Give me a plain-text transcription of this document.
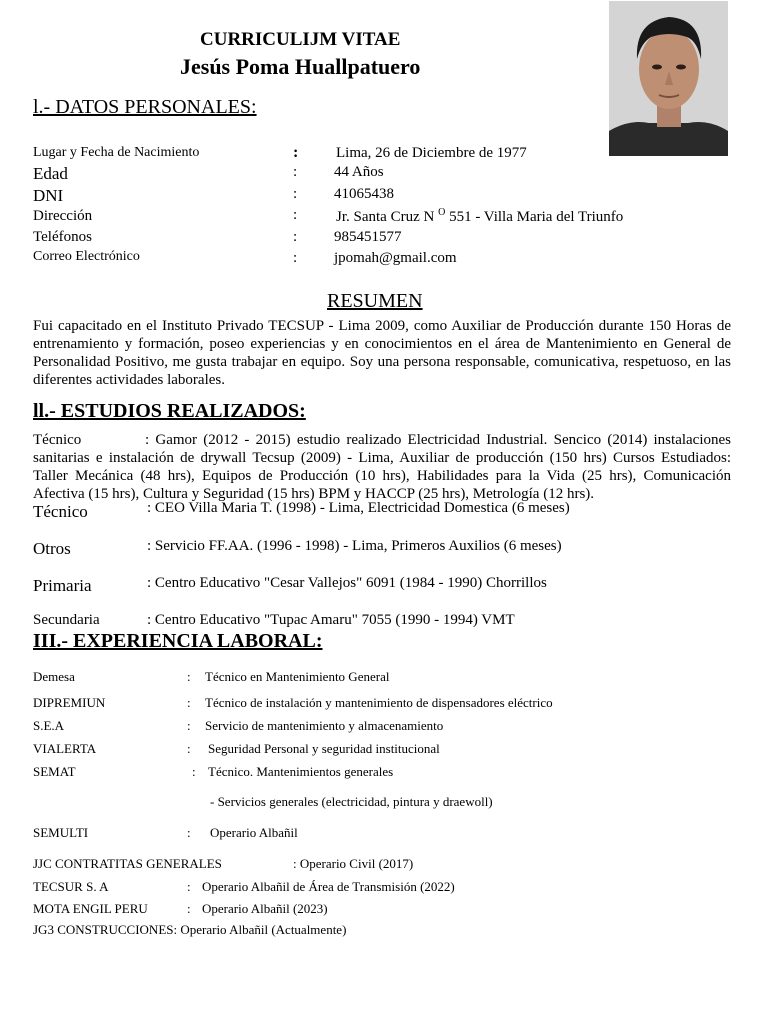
CURRICULIJM VITAE
Jesús Poma Huallpatuero
l.- DATOS PERSONALES:
Lugar y Fecha de Nacimiento	:	Lima, 26 de Diciembre de 1977
Edad	: 44 Años
DNI	: 41065438
Dirección	:	Jr. Santa Cruz N $^O$ 551 - Villa Maria del Triunfo
Teléfonos	: 985451577
Correo Electrónico	: jpomah@gmail.com
RESUMEN
Fui capacitado en el Instituto Privado TECSUP - Lima 2009, como Auxiliar de Producción durante 150 Horas de entrenamiento y formación, poseo experiencias y en conocimientos en el área de Mantenimiento en General de Personalidad Positivo, me gusta trabajar en equipo. Soy una persona responsable, comunicativa, respetuoso, en las diferentes actividades laborales.
ll.- ESTUDIOS REALIZADOS:
Técnico	: Gamor (2012 - 2015) estudio realizado Electricidad Industrial. Sencico (2014) instalaciones sanitarias e instalación de drywall Tecsup (2009) - Lima, Auxiliar de producción (150 hrs) Cursos Estudiados: Taller Mecánica (48 hrs), Equipos de Producción (10 hrs), Habilidades para la Vida (25 hrs), Comunicación Afectiva (15 hrs), Cultura y Seguridad (15 hrs) BPM y HACCP (25 hrs), Metrología (12 hrs).
Técnico	: CEO Villa Maria T. (1998) - Lima, Electricidad Domestica (6 meses)
Otros	: Servicio FF.AA. (1996 - 1998) - Lima, Primeros Auxilios (6 meses)
Primaria	: Centro Educativo "Cesar Vallejos" 6091 (1984 - 1990) Chorrillos
Secundaria	: Centro Educativo "Tupac Amaru" 7055 (1990 - 1994) VMT
III.- EXPERIENCIA LABORAL:
Demesa	: Técnico en Mantenimiento General
DIPREMIUN	: Técnico de instalación y mantenimiento de dispensadores eléctrico
S.E.A	: Servicio de mantenimiento y almacenamiento
VIALERTA	: Seguridad Personal y seguridad institucional
SEMAT	: Técnico. Mantenimientos generales
- Servicios generales (electricidad, pintura y draewoll)
SEMULTI	: Operario Albañil
JJC CONTRATITAS GENERALES	: Operario Civil (2017)
TECSUR S. A	: Operario Albañil de Área de Transmisión (2022)
MOTA ENGIL PERU	: Operario Albañil (2023)
JG3 CONSTRUCCIONES: Operario Albañil (Actualmente)
